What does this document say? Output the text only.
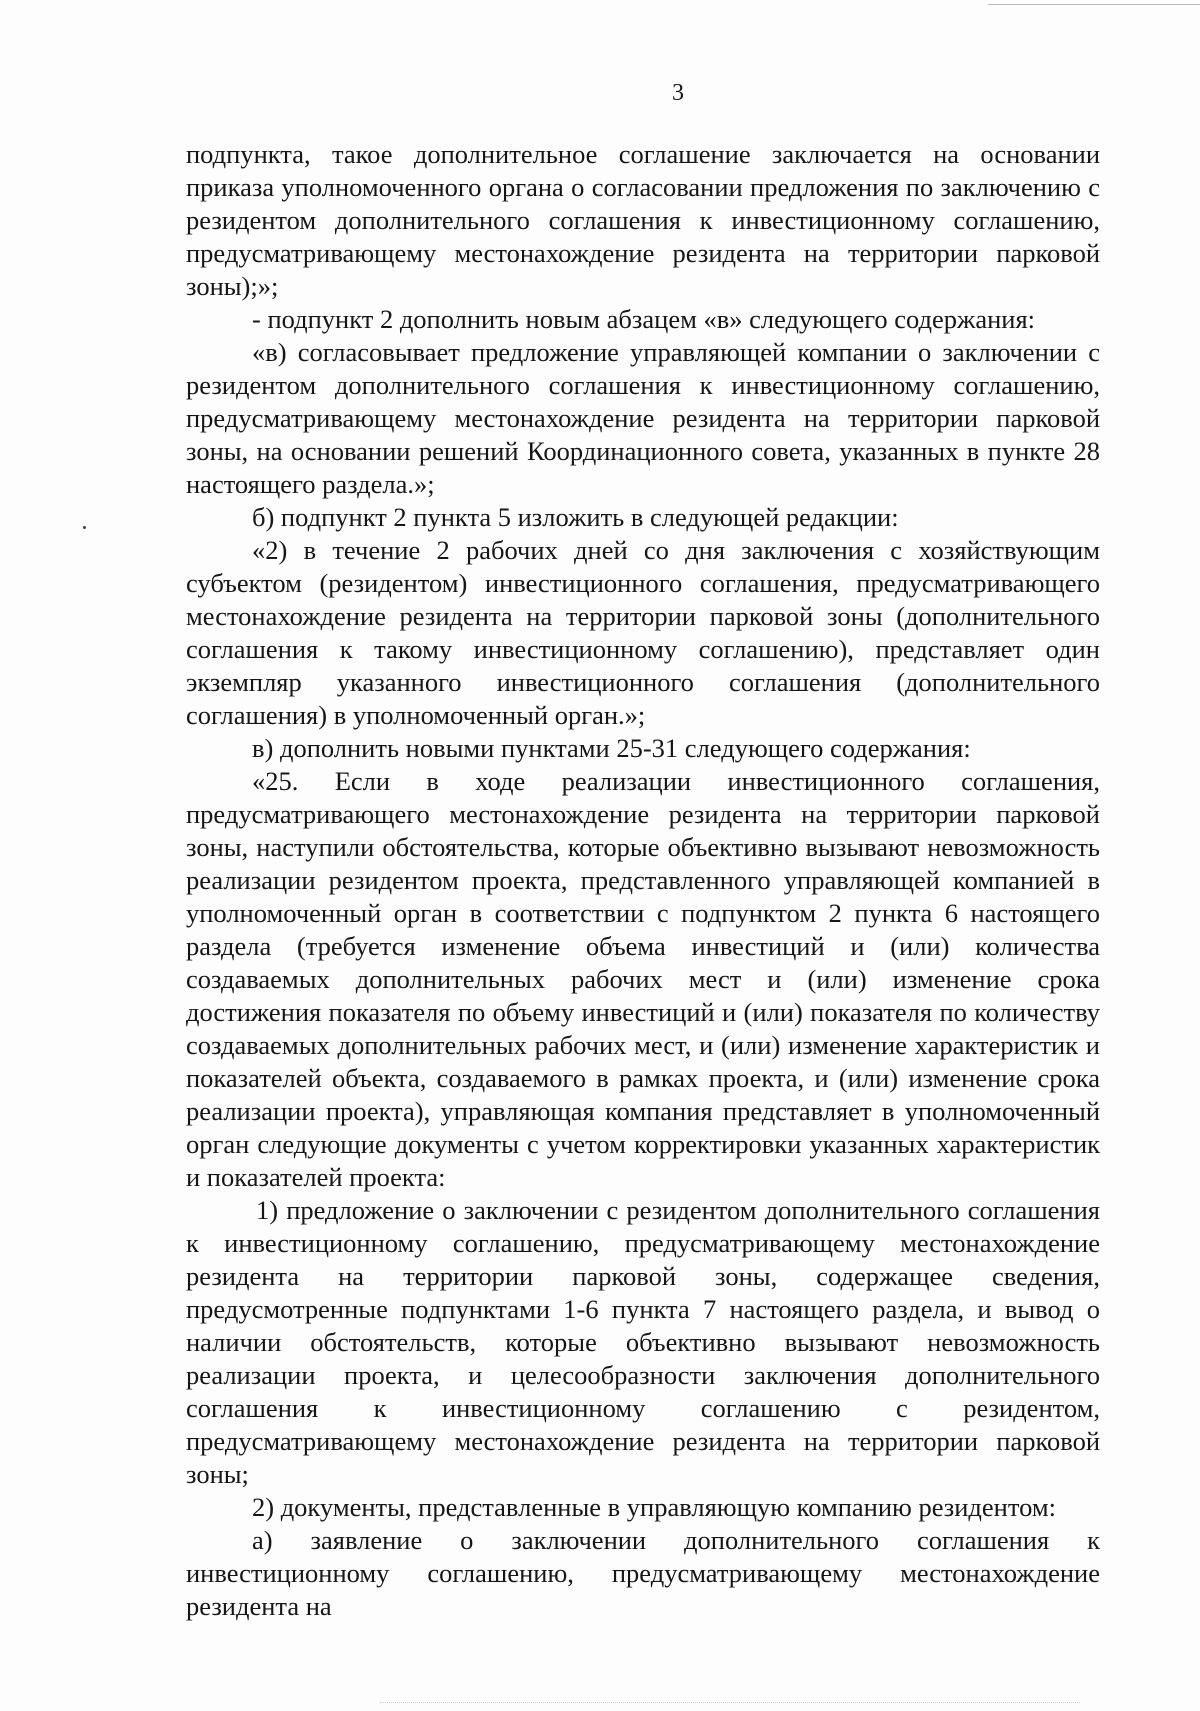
3

подпункта, такое дополнительное соглашение заключается на основании приказа уполномоченного органа о согласовании предложения по заключению с резидентом дополнительного соглашения к инвестиционному соглашению, предусматривающему местонахождение резидента на территории парковой зоны);»;

- подпункт 2 дополнить новым абзацем «в» следующего содержания:

«в) согласовывает предложение управляющей компании о заключении с резидентом дополнительного соглашения к инвестиционному соглашению, предусматривающему местонахождение резидента на территории парковой зоны, на основании решений Координационного совета, указанных в пункте 28 настоящего раздела.»;

б) подпункт 2 пункта 5 изложить в следующей редакции:

«2) в течение 2 рабочих дней со дня заключения с хозяйствующим субъектом (резидентом) инвестиционного соглашения, предусматривающего местонахождение резидента на территории парковой зоны (дополнительного соглашения к такому инвестиционному соглашению), представляет один экземпляр указанного инвестиционного соглашения (дополнительного соглашения) в уполномоченный орган.»;

в) дополнить новыми пунктами 25-31 следующего содержания:

«25. Если в ходе реализации инвестиционного соглашения, предусматривающего местонахождение резидента на территории парковой зоны, наступили обстоятельства, которые объективно вызывают невозможность реализации резидентом проекта, представленного управляющей компанией в уполномоченный орган в соответствии с подпунктом 2 пункта 6 настоящего раздела (требуется изменение объема инвестиций и (или) количества создаваемых дополнительных рабочих мест и (или) изменение срока достижения показателя по объему инвестиций и (или) показателя по количеству создаваемых дополнительных рабочих мест, и (или) изменение характеристик и показателей объекта, создаваемого в рамках проекта, и (или) изменение срока реализации проекта), управляющая компания представляет в уполномоченный орган следующие документы с учетом корректировки указанных характеристик и показателей проекта:

1) предложение о заключении с резидентом дополнительного соглашения к инвестиционному соглашению, предусматривающему местонахождение резидента на территории парковой зоны, содержащее сведения, предусмотренные подпунктами 1-6 пункта 7 настоящего раздела, и вывод о наличии обстоятельств, которые объективно вызывают невозможность реализации проекта, и целесообразности заключения дополнительного соглашения к инвестиционному соглашению с резидентом, предусматривающему местонахождение резидента на территории парковой зоны;

2) документы, представленные в управляющую компанию резидентом:

а) заявление о заключении дополнительного соглашения к инвестиционному соглашению, предусматривающему местонахождение резидента на
